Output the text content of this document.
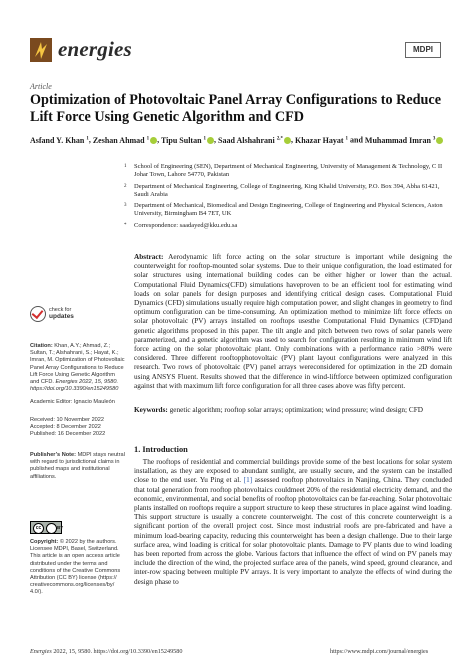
energies	MDPI
Article
Optimization of Photovoltaic Panel Array Configurations to Reduce Lift Force Using Genetic Algorithm and CFD
Asfand Y. Khan $^1$, Zeshan Ahmad $^1$ , Tipu Sultan $^1$ , Saad Alshahrani $^{2,*}$ , Khazar Hayat $^1$ and Muhammad Imran $^3$
1 School of Engineering (SEN), Department of Mechanical Engineering, University of Management & Technology, C II Johar Town, Lahore 54770, Pakistan
2 Department of Mechanical Engineering, College of Engineering, King Khalid University, P.O. Box 394, Abha 61421, Saudi Arabia
3 Department of Mechanical, Biomedical and Design Engineering, College of Engineering and Physical Sciences, Aston University, Birmingham B4 7ET, UK
* Correspondence: saadayed@kku.edu.sa
Abstract: Aerodynamic lift force acting on the solar structure is important while designing the counterweight for rooftop-mounted solar systems. Due to their unique configuration, the load estimated for solar structures using international building codes can be either higher or lower than the actual. Computational Fluid Dynamics(CFD) simulations haveproven to be an efficient tool for estimating wind loads on solar panels for design purposes and identifying critical design cases. Computational Fluid Dynamics (CFD) simulations usually require high computation power, and slight changes in geometry to find optimum configuration can be time-consuming. An optimization method to minimize lift force effects on solar photovoltaic (PV) arrays installed on rooftops usesthe Computational Fluid Dynamics (CFD)and genetic algorithms proposed in this paper. The tilt angle and pitch between two rows of solar panels were parameterized, and a genetic algorithm was used to search for configuration resulting in minimum wind lift force acting on the solar photovoltaic plant. Only combinations with a performance ratio >80% were considered. Three different rooftopphotovoltaic (PV) plant layout configurations were analyzed in this research. Two rows of photovoltaic (PV) panel arrays wereconsidered for optimization in the 2D domain using ANSYS Fluent. Results showed that the difference in wind-liftforce between optimized configuration against that with maximum lift force configuration for all three cases above was fifty percent.
Keywords: genetic algorithm; rooftop solar arrays; optimization; wind pressure; wind design; CFD
check for
updates
Citation: Khan, A.Y.; Ahmad, Z.; Sultan, T.; Alshahrani, S.; Hayat, K.; Imran, M. Optimization of Photovoltaic Panel Array Configurations to Reduce Lift Force Using Genetic Algorithm and CFD. Energies 2022, 15, 9580. https://doi.org/10.3390/en15249580
Academic Editor: Ignacio Mauleón
Received: 10 November 2022
Accepted: 8 December 2022
Published: 16 December 2022
Publisher’s Note: MDPI stays neutral with regard to jurisdictional claims in published maps and institutional affiliations.
cc	BY
Copyright: © 2022 by the authors. Licensee MDPI, Basel, Switzerland. This article is an open access article distributed under the terms and conditions of the Creative Commons Attribution (CC BY) license (https:// creativecommons.org/licenses/by/ 4.0/).
1. Introduction
The rooftops of residential and commercial buildings provide some of the best locations for solar system installation, as they are exposed to abundant sunlight, are usually secure, and the system can be installed close to the end user. Yu Ping et al. [1] assessed rooftop photovoltaics in Nanjing, China. They concluded that total generation from rooftop photovoltaics couldmeet 20% of the residential electricity demand, and the economic, environmental, and social benefits of rooftop photovoltaics can be far-reaching. Solar photovoltaic plants installed on rooftops require a support structure to keep these structures in place against wind loading. This support structure is usually a concrete counterweight. The cost of this concrete counterweight is a significant portion of the overall project cost. Since most industrial roofs are pre-fabricated and have a minimum load-bearing capacity, reducing this counterweight has been a design challenge. Due to their large surface area, wind loading is critical for solar photovoltaic plants. Damage to PV plants due to wind loading has been reported from across the globe. Various factors that influence the effect of wind on PV panels may include the direction of the wind, the projected surface area of the panels, wind speed, ground clearance, and inter-row spacing between multiple PV arrays. It is very important to analyze the effects of wind during the design phase to
Energies 2022, 15, 9580. https://doi.org/10.3390/en15249580	https://www.mdpi.com/journal/energies
